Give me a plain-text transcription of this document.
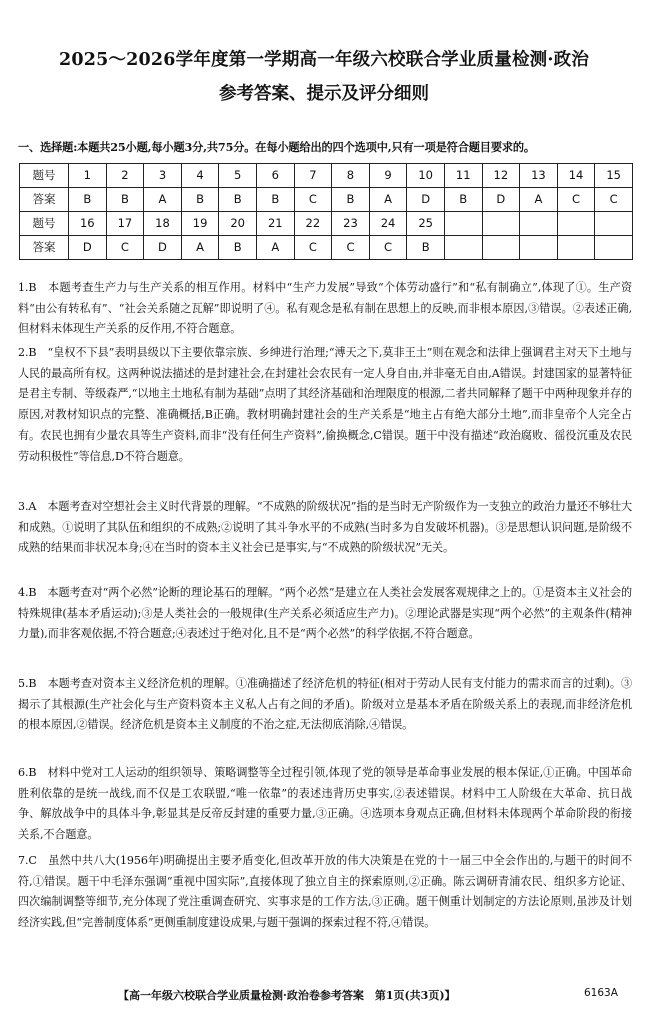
2025～2026学年度第一学期高一年级六校联合学业质量检测·政治
参考答案、提示及评分细则
一、选择题:本题共25小题,每小题3分,共75分。在每小题给出的四个选项中,只有一项是符合题目要求的。
题号	1	2	3	4	5	6	7	8	9	10	11	12	13	14	15
答案	B	B	A	B	B	B	C	B	A	D	B	D	A	C	C
题号	16	17	18	19	20	21	22	23	24	25					
答案	D	C	D	A	B	A	C	C	C	B					

1.B　本题考查生产力与生产关系的相互作用。材料中“生产力发展”导致“个体劳动盛行”和“私有制确立”,体现了①。生产资料“由公有转私有”、“社会关系随之瓦解”即说明了④。私有观念是私有制在思想上的反映,而非根本原因,③错误。②表述正确,但材料未体现生产关系的反作用,不符合题意。

2.B　“皇权不下县”表明县级以下主要依靠宗族、乡绅进行治理;“溥天之下,莫非王土”则在观念和法律上强调君主对天下土地与人民的最高所有权。这两种说法描述的是封建社会,在封建社会农民有一定人身自由,并非毫无自由,A错误。封建国家的显著特征是君主专制、等级森严,“以地主土地私有制为基础”点明了其经济基础和治理限度的根源,二者共同解释了题干中两种现象并存的原因,对教材知识点的完整、准确概括,B正确。教材明确封建社会的生产关系是“地主占有绝大部分土地”,而非皇帝个人完全占有。农民也拥有少量农具等生产资料,而非“没有任何生产资料”,偷换概念,C错误。题干中没有描述“政治腐败、徭役沉重及农民劳动积极性”等信息,D不符合题意。

3.A　本题考查对空想社会主义时代背景的理解。“不成熟的阶级状况”指的是当时无产阶级作为一支独立的政治力量还不够壮大和成熟。①说明了其队伍和组织的不成熟;②说明了其斗争水平的不成熟(当时多为自发破坏机器)。③是思想认识问题,是阶级不成熟的结果而非状况本身;④在当时的资本主义社会已是事实,与“不成熟的阶级状况”无关。

4.B　本题考查对“两个必然”论断的理论基石的理解。“两个必然”是建立在人类社会发展客观规律之上的。①是资本主义社会的特殊规律(基本矛盾运动);③是人类社会的一般规律(生产关系必须适应生产力)。②理论武器是实现“两个必然”的主观条件(精神力量),而非客观依据,不符合题意;④表述过于绝对化,且不是“两个必然”的科学依据,不符合题意。

5.B　本题考查对资本主义经济危机的理解。①准确描述了经济危机的特征(相对于劳动人民有支付能力的需求而言的过剩)。③揭示了其根源(生产社会化与生产资料资本主义私人占有之间的矛盾)。阶级对立是基本矛盾在阶级关系上的表现,而非经济危机的根本原因,②错误。经济危机是资本主义制度的不治之症,无法彻底消除,④错误。

6.B　材料中党对工人运动的组织领导、策略调整等全过程引领,体现了党的领导是革命事业发展的根本保证,①正确。中国革命胜利依靠的是统一战线,而不仅是工农联盟,“唯一依靠”的表述违背历史事实,②表述错误。材料中工人阶级在大革命、抗日战争、解放战争中的具体斗争,彰显其是反帝反封建的重要力量,③正确。④选项本身观点正确,但材料未体现两个革命阶段的衔接关系,不合题意。

7.C　虽然中共八大(1956年)明确提出主要矛盾变化,但改革开放的伟大决策是在党的十一届三中全会作出的,与题干的时间不符,①错误。题干中毛泽东强调“重视中国实际”,直接体现了独立自主的探索原则,②正确。陈云调研青浦农民、组织多方论证、四次编制调整等细节,充分体现了党注重调查研究、实事求是的工作方法,③正确。题干侧重计划制定的方法论原则,虽涉及计划经济实践,但“完善制度体系”更侧重制度建设成果,与题干强调的探索过程不符,④错误。

【高一年级六校联合学业质量检测·政治卷参考答案　第1页(共3页)】	6163A
